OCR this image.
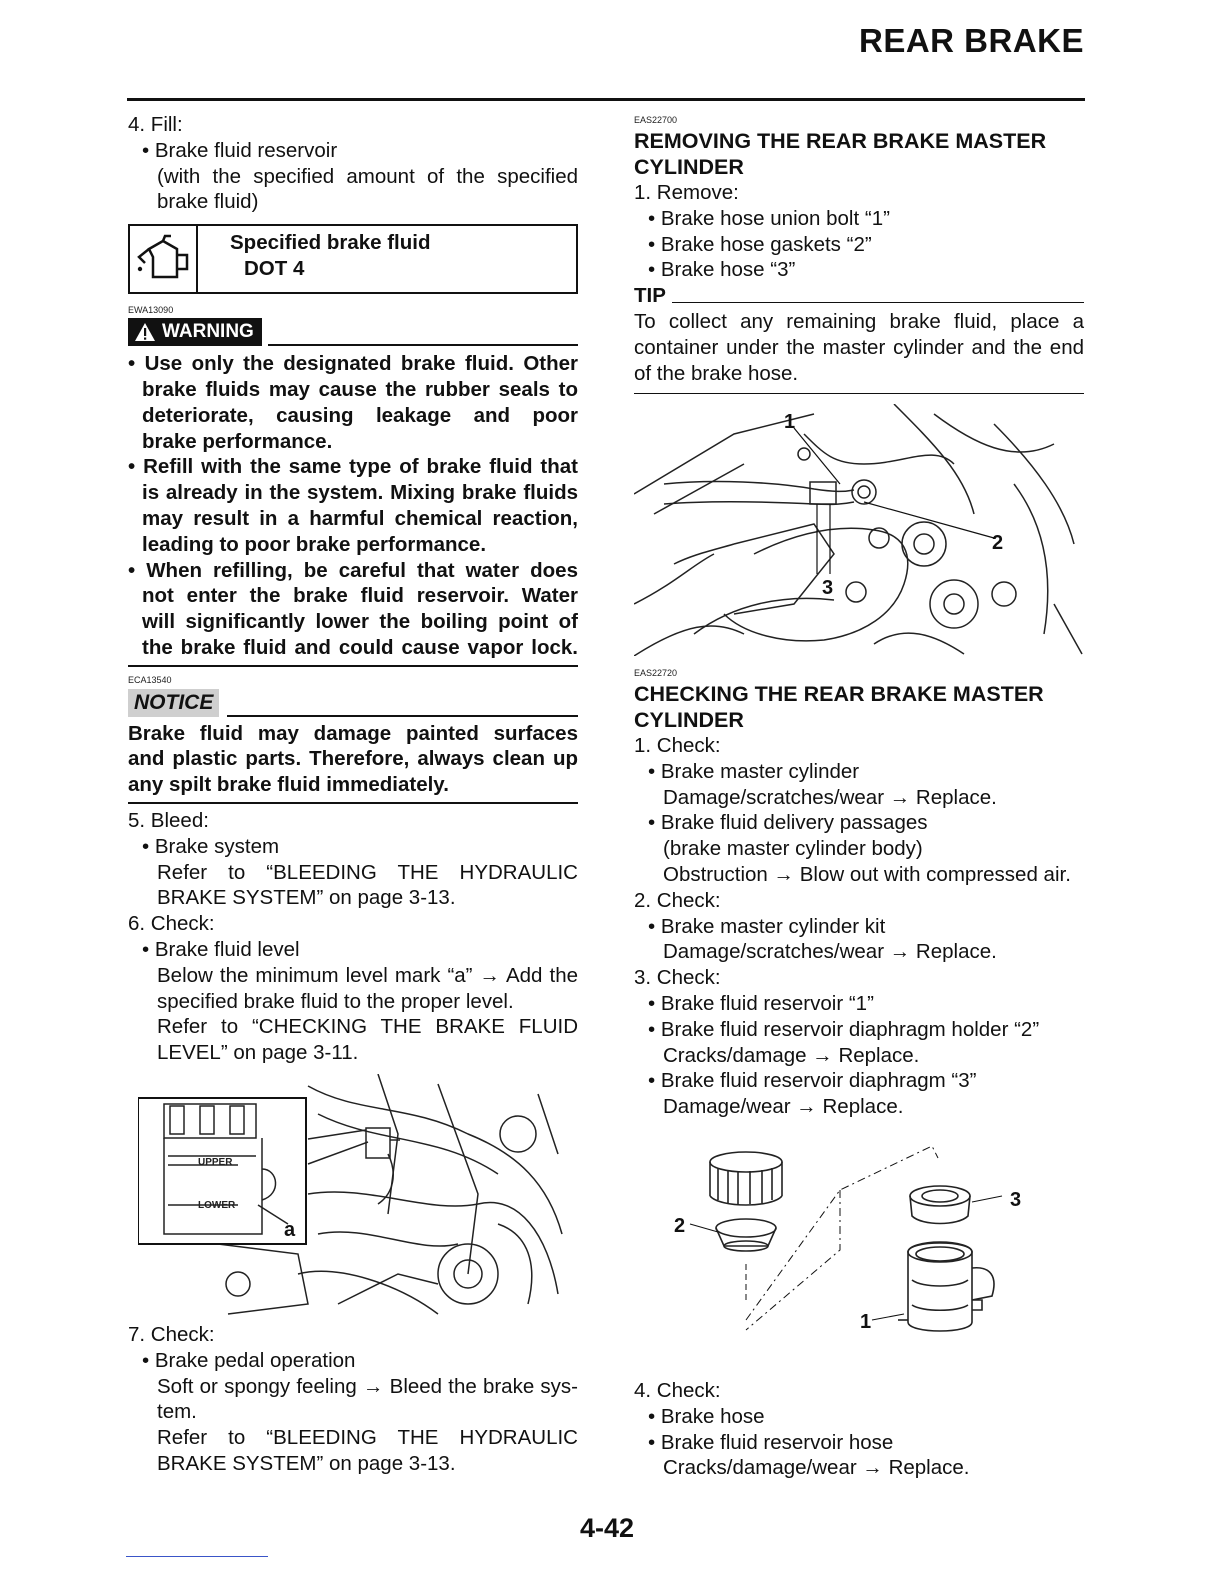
REAR BRAKE
4. Fill:
• Brake fluid reservoir
(with the specified amount of the specified
brake fluid)
Specified brake fluid
DOT 4
EWA13090
WARNING
• Use only the designated brake fluid. Other
brake fluids may cause the rubber seals to
deteriorate, causing leakage and poor
brake performance.
• Refill with the same type of brake fluid that
is already in the system. Mixing brake fluids
may result in a harmful chemical reaction,
leading to poor brake performance.
• When refilling, be careful that water does
not enter the brake fluid reservoir. Water
will significantly lower the boiling point of
the brake fluid and could cause vapor lock.
ECA13540
NOTICE
Brake fluid may damage painted surfaces
and plastic parts. Therefore, always clean up
any spilt brake fluid immediately.
5. Bleed:
• Brake system
Refer to “BLEEDING THE HYDRAULIC
BRAKE SYSTEM” on page 3-13.
6. Check:
• Brake fluid level
Below the minimum level mark “a” → Add the
specified brake fluid to the proper level.
Refer to “CHECKING THE BRAKE FLUID
LEVEL” on page 3-11.
UPPER
LOWER
a
7. Check:
• Brake pedal operation
Soft or spongy feeling → Bleed the brake sys-
tem.
Refer to “BLEEDING THE HYDRAULIC
BRAKE SYSTEM” on page 3-13.
EAS22700
REMOVING THE REAR BRAKE MASTER
CYLINDER
1. Remove:
• Brake hose union bolt “1”
• Brake hose gaskets “2”
• Brake hose “3”
TIP
To collect any remaining brake fluid, place a
container under the master cylinder and the end
of the brake hose.
1
2
3
EAS22720
CHECKING THE REAR BRAKE MASTER
CYLINDER
1. Check:
• Brake master cylinder
Damage/scratches/wear → Replace.
• Brake fluid delivery passages
(brake master cylinder body)
Obstruction → Blow out with compressed air.
2. Check:
• Brake master cylinder kit
Damage/scratches/wear → Replace.
3. Check:
• Brake fluid reservoir “1”
• Brake fluid reservoir diaphragm holder “2”
Cracks/damage → Replace.
• Brake fluid reservoir diaphragm “3”
Damage/wear → Replace.
1
2
3
4. Check:
• Brake hose
• Brake fluid reservoir hose
Cracks/damage/wear → Replace.
4-42
